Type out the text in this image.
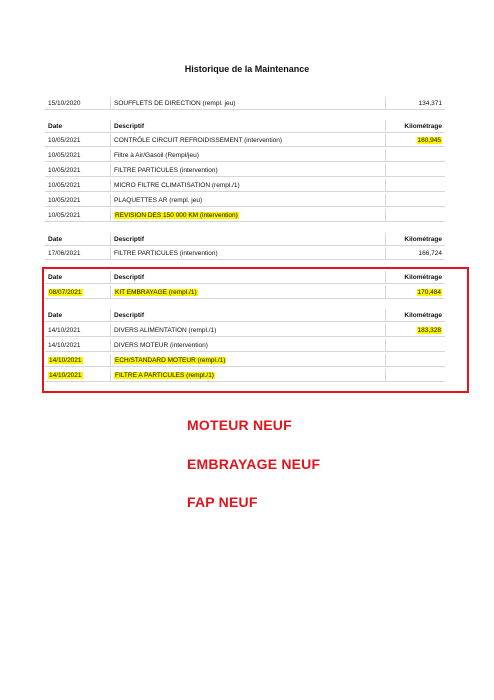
Historique de la Maintenance
15/10/2020	SOUFFLETS DE DIRECTION (rempl. jeu)	134,371
Date	Descriptif	Kilométrage
10/05/2021	CONTRÔLE CIRCUIT REFROIDISSEMENT (intervention)	160,945
10/05/2021	Filtre à Air/Gasoil (Rempl/jeu)
10/05/2021	FILTRE PARTICULES (intervention)
10/05/2021	MICRO FILTRE CLIMATISATION (rempl./1)
10/05/2021	PLAQUETTES AR (rempl. jeu)
10/05/2021	REVISION DES 150 000 KM (intervention)
Date	Descriptif	Kilométrage
17/06/2021	FILTRE PARTICULES (intervention)	166,724
Date	Descriptif	Kilométrage
08/07/2021	KIT EMBRAYAGE (rempl./1)	170,484
Date	Descriptif	Kilométrage
14/10/2021	DIVERS ALIMENTATION (rempl./1)	183,328
14/10/2021	DIVERS MOTEUR (intervention)
14/10/2021	ECH/STANDARD MOTEUR (rempl./1)
14/10/2021	FILTRE A PARTICULES (rempl./1)
MOTEUR NEUF
EMBRAYAGE NEUF
FAP NEUF
